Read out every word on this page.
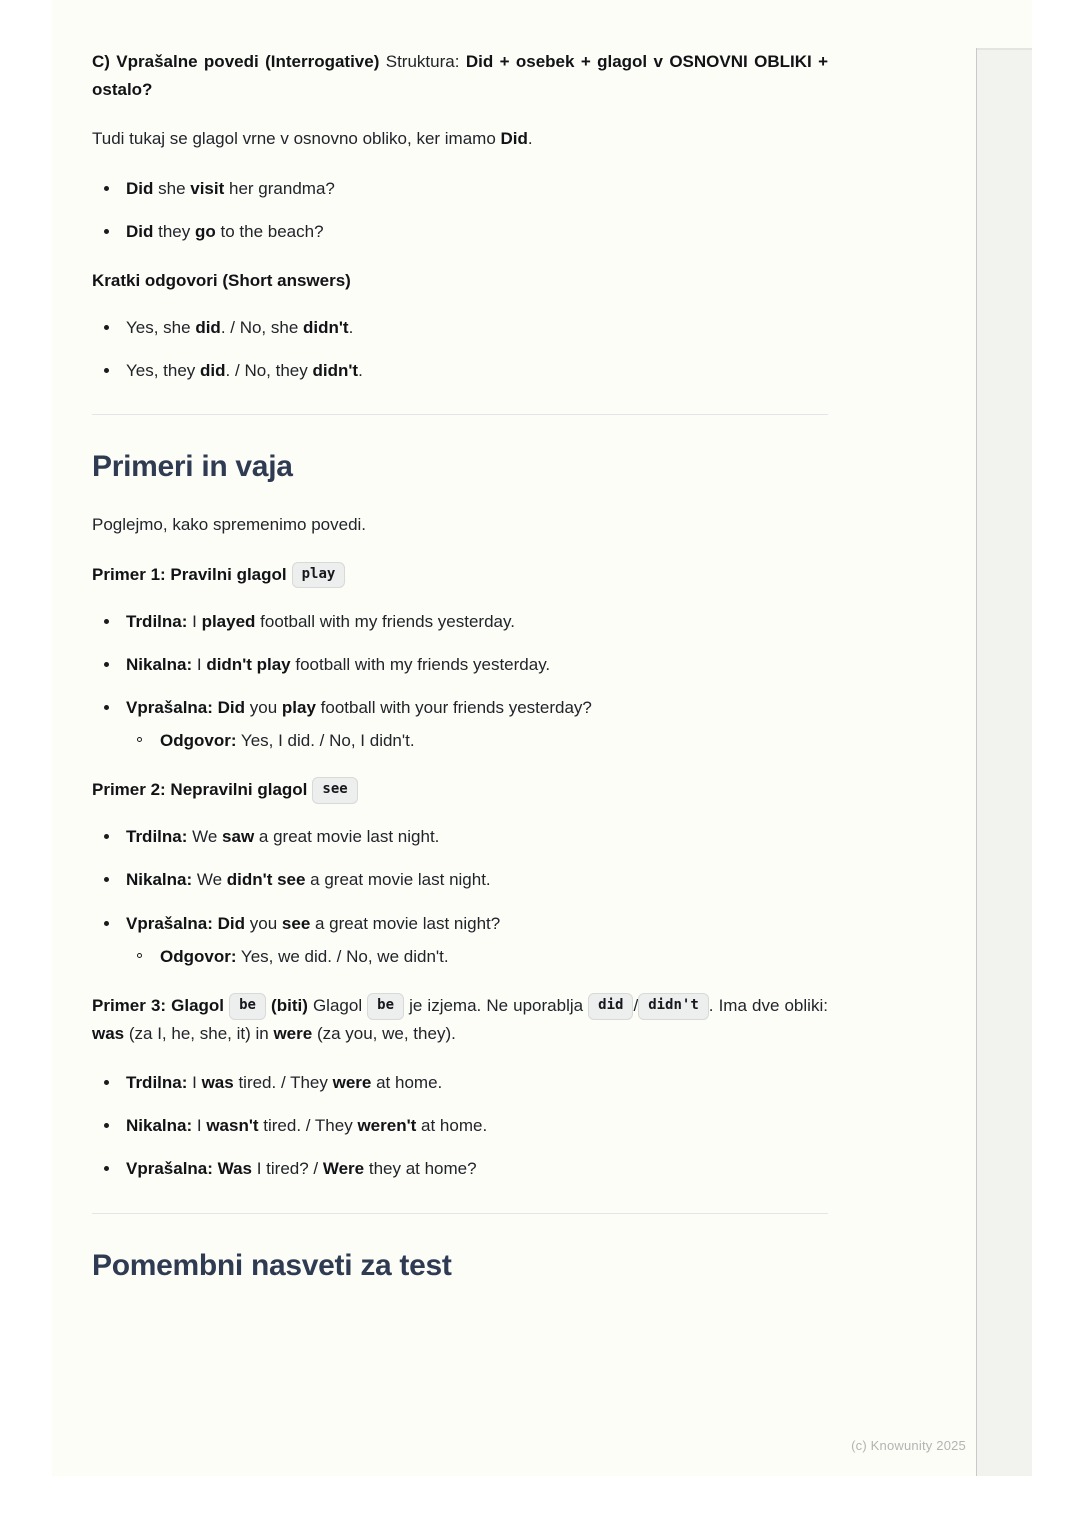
C) Vprašalne povedi (Interrogative) Struktura: Did + osebek + glagol v OSNOVNI OBLIKI + ostalo?

Tudi tukaj se glagol vrne v osnovno obliko, ker imamo Did.

Did she visit her grandma?
Did they go to the beach?

Kratki odgovori (Short answers)

Yes, she did. / No, she didn't.
Yes, they did. / No, they didn't.
Primeri in vaja

Poglejmo, kako spremenimo povedi.

Primer 1: Pravilni glagol play

Trdilna: I played football with my friends yesterday.
Nikalna: I didn't play football with my friends yesterday.
Vprašalna: Did you play football with your friends yesterday?
Odgovor: Yes, I did. / No, I didn't.

Primer 2: Nepravilni glagol see

Trdilna: We saw a great movie last night.
Nikalna: We didn't see a great movie last night.
Vprašalna: Did you see a great movie last night?
Odgovor: Yes, we did. / No, we didn't.

Primer 3: Glagol be (biti) Glagol be je izjema. Ne uporablja did / didn't . Ima dve obliki: was (za I, he, she, it) in were (za you, we, they).

Trdilna: I was tired. / They were at home.
Nikalna: I wasn't tired. / They weren't at home.
Vprašalna: Was I tired? / Were they at home?
Pomembni nasveti za test
(c) Knowunity 2025
